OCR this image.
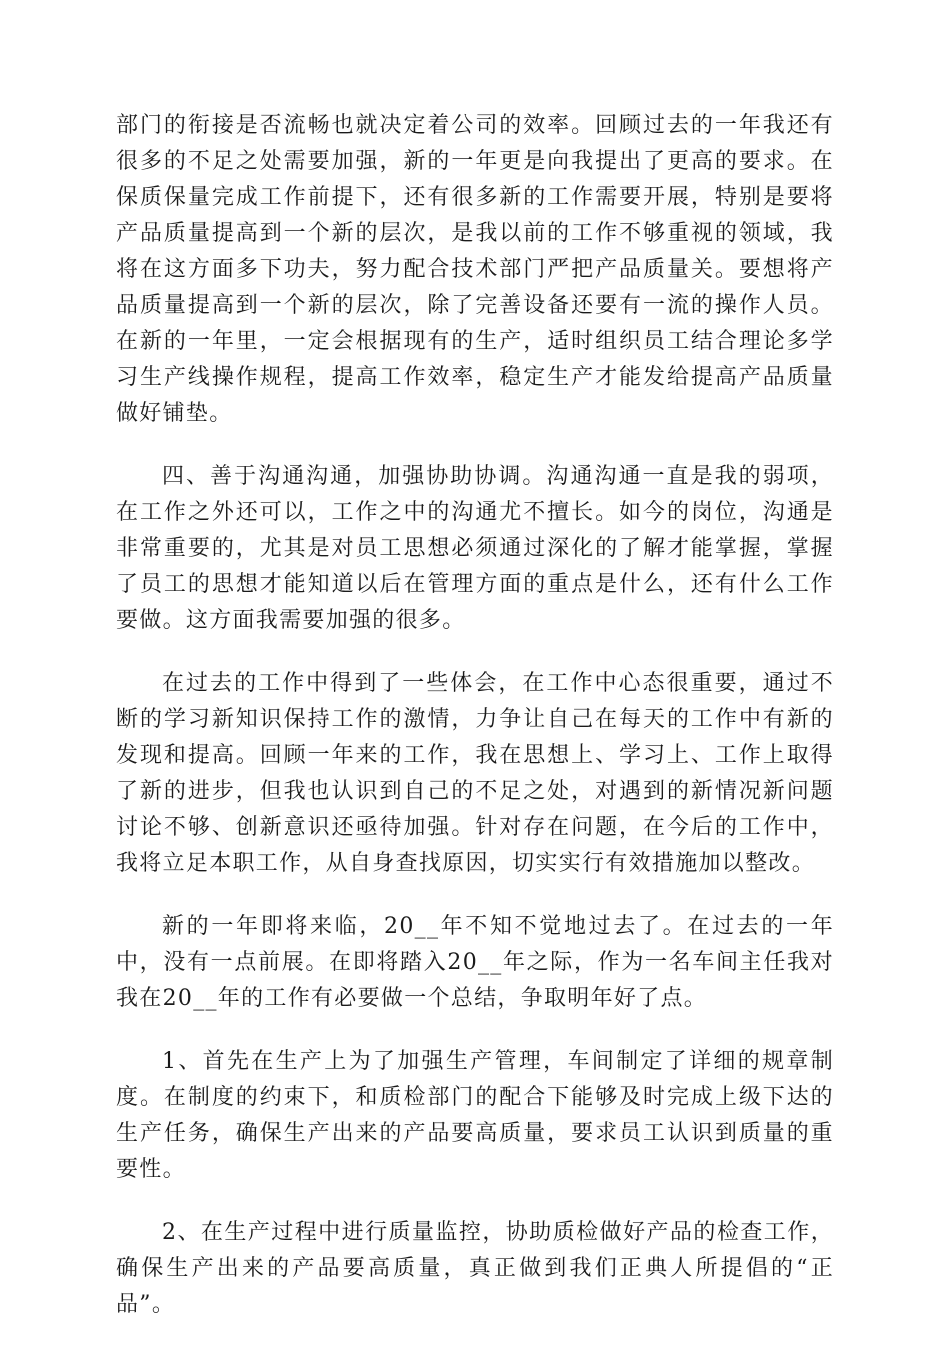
部门的衔接是否流畅也就决定着公司的效率。回顾过去的一年我还有很多的不足之处需要加强，新的一年更是向我提出了更高的要求。在保质保量完成工作前提下，还有很多新的工作需要开展，特别是要将产品质量提高到一个新的层次，是我以前的工作不够重视的领域，我将在这方面多下功夫，努力配合技术部门严把产品质量关。要想将产品质量提高到一个新的层次，除了完善设备还要有一流的操作人员。在新的一年里，一定会根据现有的生产，适时组织员工结合理论多学习生产线操作规程，提高工作效率，稳定生产才能发给提高产品质量做好铺垫。

四、善于沟通沟通，加强协助协调。沟通沟通一直是我的弱项，在工作之外还可以，工作之中的沟通尤不擅长。如今的岗位，沟通是非常重要的，尤其是对员工思想必须通过深化的了解才能掌握，掌握了员工的思想才能知道以后在管理方面的重点是什么，还有什么工作要做。这方面我需要加强的很多。

在过去的工作中得到了一些体会，在工作中心态很重要，通过不断的学习新知识保持工作的激情，力争让自己在每天的工作中有新的发现和提高。回顾一年来的工作，我在思想上、学习上、工作上取得了新的进步，但我也认识到自己的不足之处，对遇到的新情况新问题讨论不够、创新意识还亟待加强。针对存在问题，在今后的工作中，我将立足本职工作，从自身查找原因，切实实行有效措施加以整改。

新的一年即将来临，20__年不知不觉地过去了。在过去的一年中，没有一点前展。在即将踏入20__年之际，作为一名车间主任我对我在20__年的工作有必要做一个总结，争取明年好了点。

1、首先在生产上为了加强生产管理，车间制定了详细的规章制度。在制度的约束下，和质检部门的配合下能够及时完成上级下达的生产任务，确保生产出来的产品要高质量，要求员工认识到质量的重要性。

2、在生产过程中进行质量监控，协助质检做好产品的检查工作，确保生产出来的产品要高质量，真正做到我们正典人所提倡的“正品”。
